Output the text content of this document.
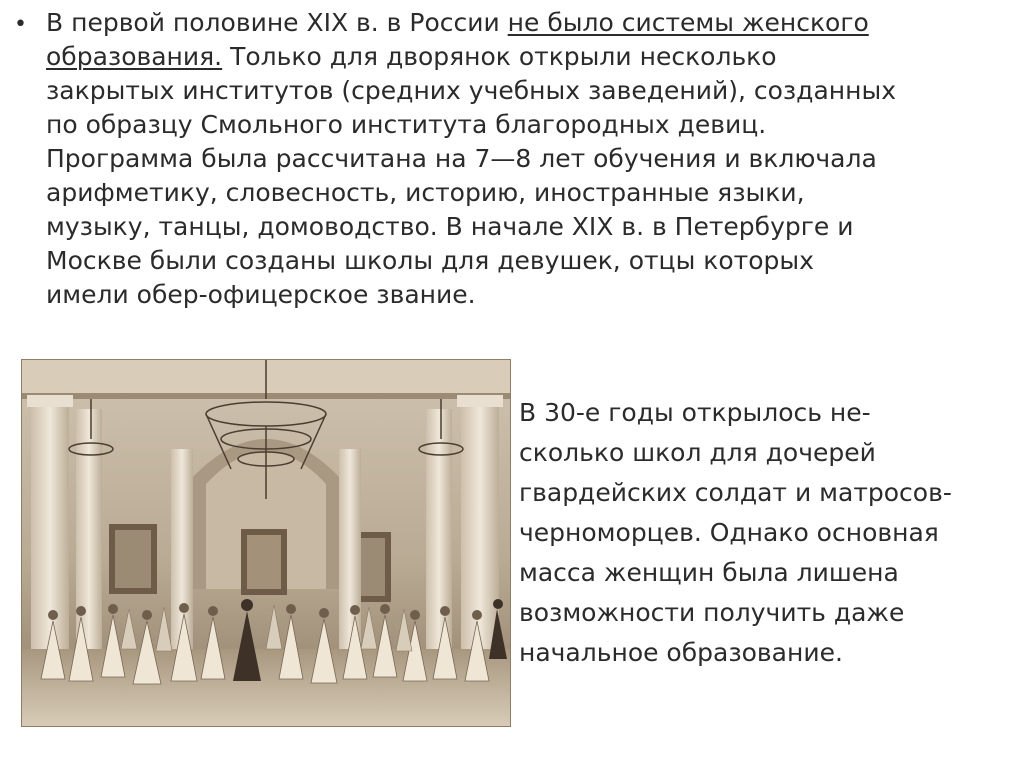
• В первой половине XIX в. в России не было системы женского
образования. Только для дворянок открыли несколько
закрытых институтов (средних учебных заведений), созданных
по образцу Смольного института благородных девиц.
Программа была рассчитана на 7—8 лет обучения и включала
арифметику, словесность, историю, иностранные языки,
музыку, танцы, домоводство. В начале XIX в. в Петербурге и
Москве были созданы школы для девушек, отцы которых
имели обер-офицерское звание.
В 30-е годы открылось не-
сколько школ для дочерей
гвардейских солдат и матросов-
черноморцев. Однако основная
масса женщин была лишена
возможности получить даже
начальное образование.
